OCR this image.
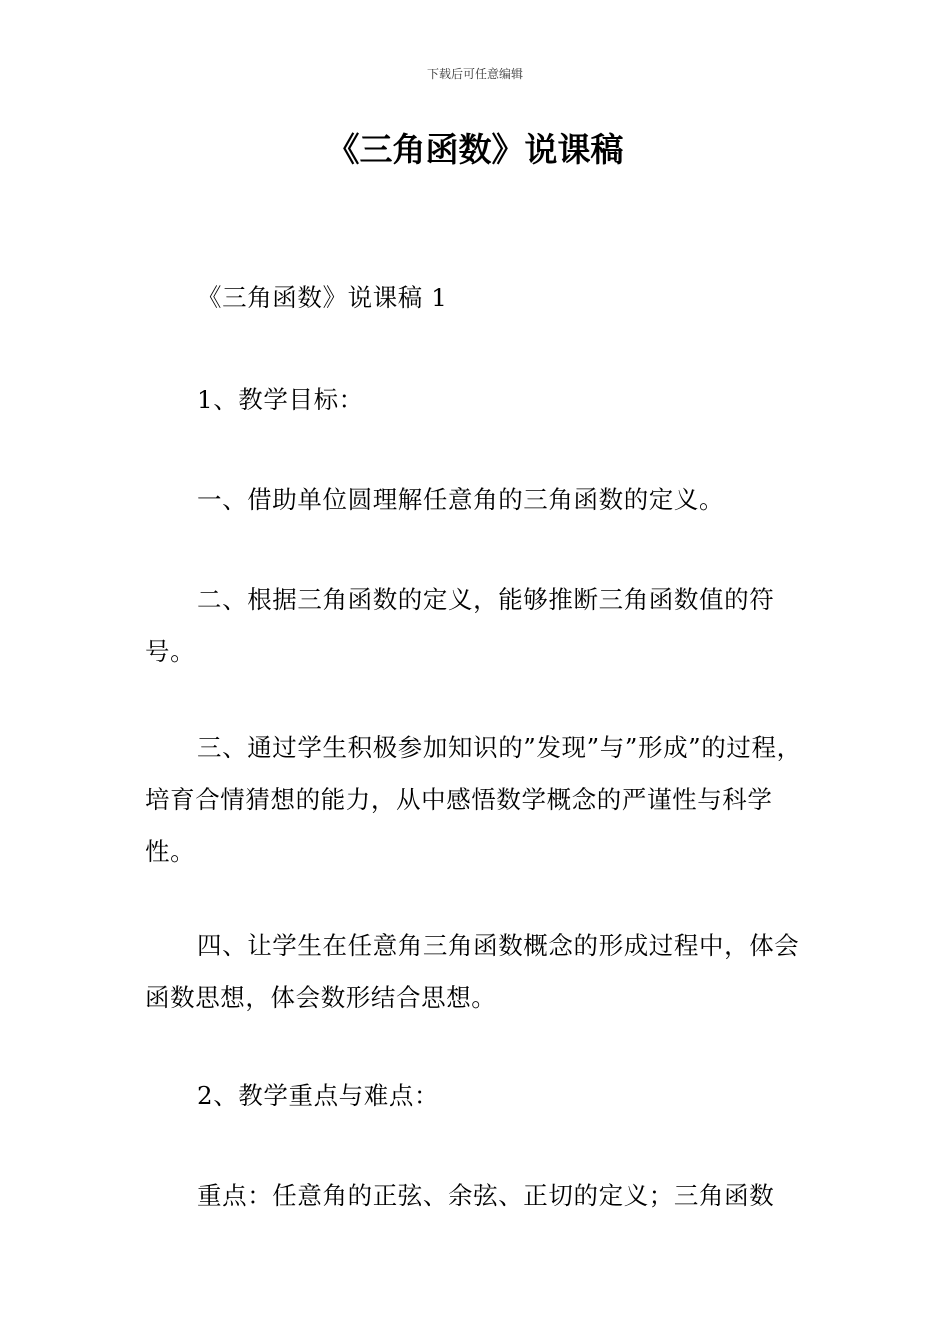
下载后可任意编辑
《三角函数》说课稿

《三角函数》说课稿 1

1、教学目标：

一、借助单位圆理解任意角的三角函数的定义。

二、根据三角函数的定义，能够推断三角函数值的符号。

三、通过学生积极参加知识的”发现”与”形成”的过程，培育合情猜想的能力，从中感悟数学概念的严谨性与科学性。

四、让学生在任意角三角函数概念的形成过程中，体会函数思想，体会数形结合思想。

2、教学重点与难点：

重点：任意角的正弦、余弦、正切的定义；三角函数
